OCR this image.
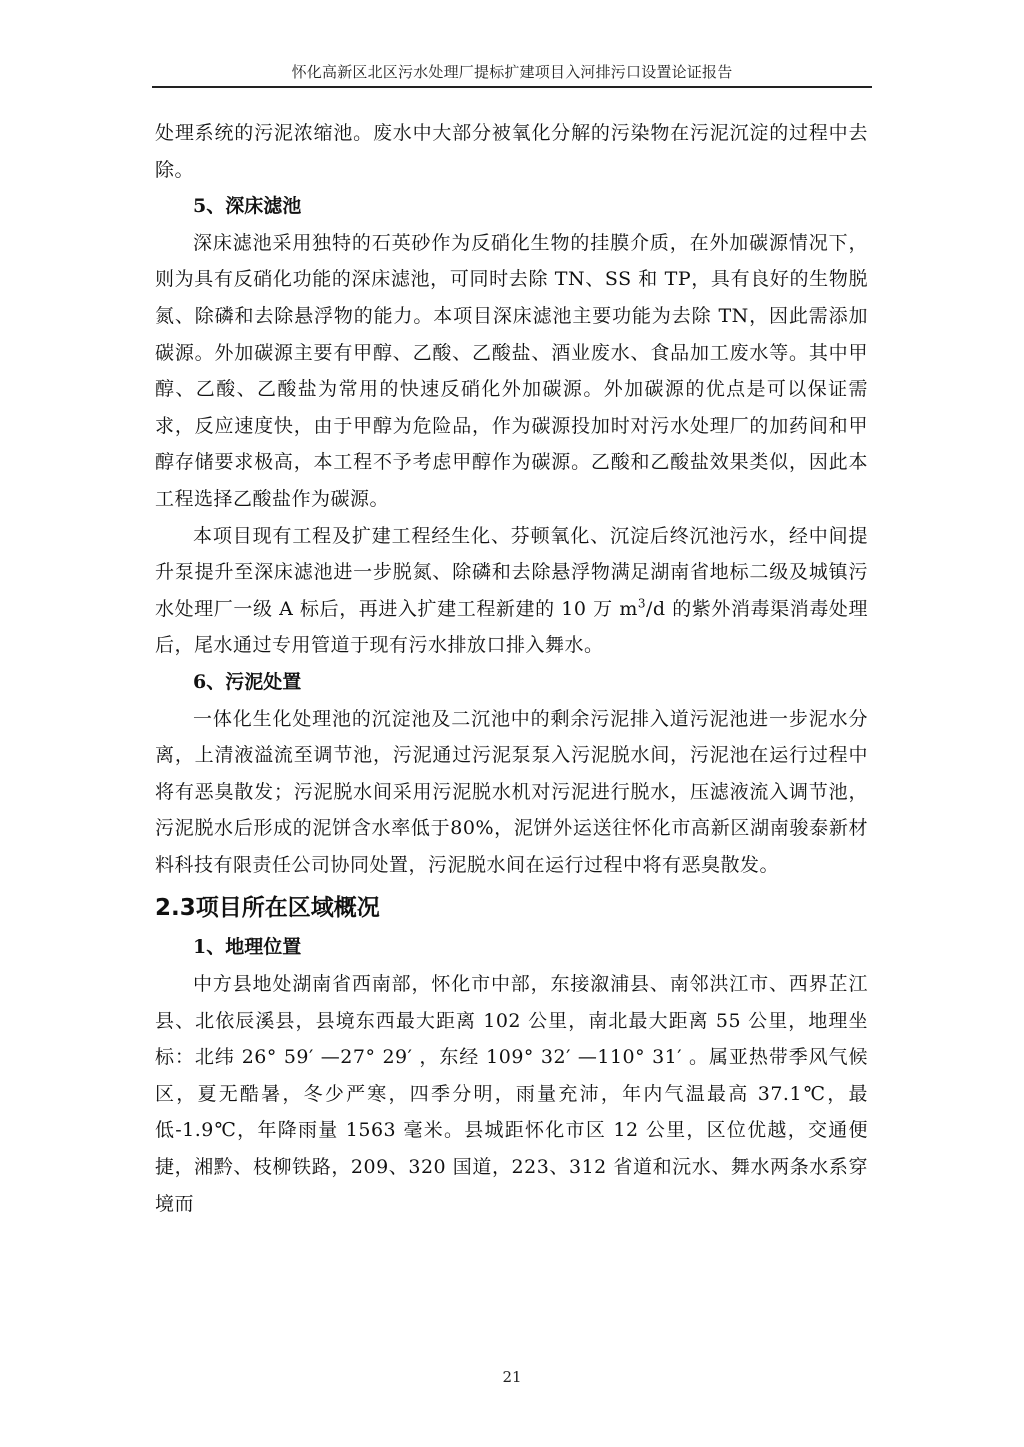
怀化高新区北区污水处理厂提标扩建项目入河排污口设置论证报告

处理系统的污泥浓缩池。废水中大部分被氧化分解的污染物在污泥沉淀的过程中去除。

5、深床滤池

深床滤池采用独特的石英砂作为反硝化生物的挂膜介质，在外加碳源情况下，则为具有反硝化功能的深床滤池，可同时去除 TN、SS 和 TP，具有良好的生物脱氮、除磷和去除悬浮物的能力。本项目深床滤池主要功能为去除 TN，因此需添加碳源。外加碳源主要有甲醇、乙酸、乙酸盐、酒业废水、食品加工废水等。其中甲醇、乙酸、乙酸盐为常用的快速反硝化外加碳源。外加碳源的优点是可以保证需求，反应速度快，由于甲醇为危险品，作为碳源投加时对污水处理厂的加药间和甲醇存储要求极高，本工程不予考虑甲醇作为碳源。乙酸和乙酸盐效果类似，因此本工程选择乙酸盐作为碳源。

本项目现有工程及扩建工程经生化、芬顿氧化、沉淀后终沉池污水，经中间提升泵提升至深床滤池进一步脱氮、除磷和去除悬浮物满足湖南省地标二级及城镇污水处理厂一级 A 标后，再进入扩建工程新建的 10 万 $m^3/d$ 的紫外消毒渠消毒处理后，尾水通过专用管道于现有污水排放口排入舞水。

6、污泥处置

一体化生化处理池的沉淀池及二沉池中的剩余污泥排入道污泥池进一步泥水分离，上清液溢流至调节池，污泥通过污泥泵泵入污泥脱水间，污泥池在运行过程中将有恶臭散发；污泥脱水间采用污泥脱水机对污泥进行脱水，压滤液流入调节池，污泥脱水后形成的泥饼含水率低于80%，泥饼外运送往怀化市高新区湖南骏泰新材料科技有限责任公司协同处置，污泥脱水间在运行过程中将有恶臭散发。

2.3项目所在区域概况

1、地理位置

中方县地处湖南省西南部，怀化市中部，东接溆浦县、南邻洪江市、西界芷江县、北依辰溪县，县境东西最大距离 102 公里，南北最大距离 55 公里，地理坐标：北纬 26° 59′ —27° 29′ ，东经 109° 32′ —110° 31′ 。属亚热带季风气候区，夏无酷暑，冬少严寒，四季分明，雨量充沛，年内气温最高 37.1℃，最低-1.9℃，年降雨量 1563 毫米。县城距怀化市区 12 公里，区位优越，交通便捷，湘黔、枝柳铁路，209、320 国道，223、312 省道和沅水、舞水两条水系穿境而

21
